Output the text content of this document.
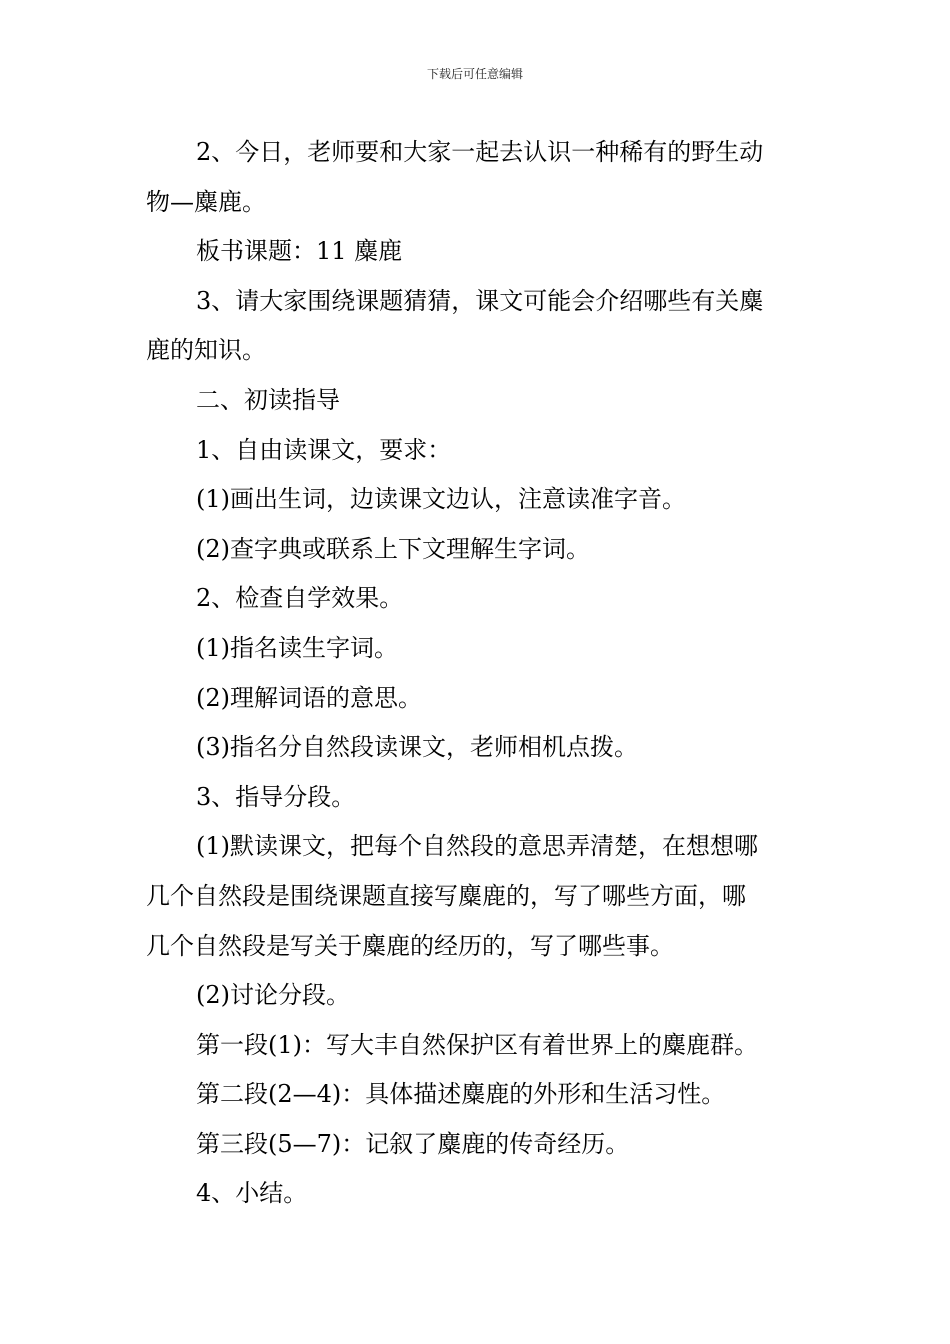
下载后可任意编辑

2、今日，老师要和大家一起去认识一种稀有的野生动

物—麋鹿。

板书课题：11 麋鹿

3、请大家围绕课题猜猜，课文可能会介绍哪些有关麋

鹿的知识。

二、初读指导

1、自由读课文，要求：

(1)画出生词，边读课文边认，注意读准字音。

(2)查字典或联系上下文理解生字词。

2、检查自学效果。

(1)指名读生字词。

(2)理解词语的意思。

(3)指名分自然段读课文，老师相机点拨。

3、指导分段。

(1)默读课文，把每个自然段的意思弄清楚，在想想哪

几个自然段是围绕课题直接写麋鹿的，写了哪些方面，哪

几个自然段是写关于麋鹿的经历的，写了哪些事。

(2)讨论分段。

第一段(1)：写大丰自然保护区有着世界上的麋鹿群。

第二段(2—4)：具体描述麋鹿的外形和生活习性。

第三段(5—7)：记叙了麋鹿的传奇经历。

4、小结。
